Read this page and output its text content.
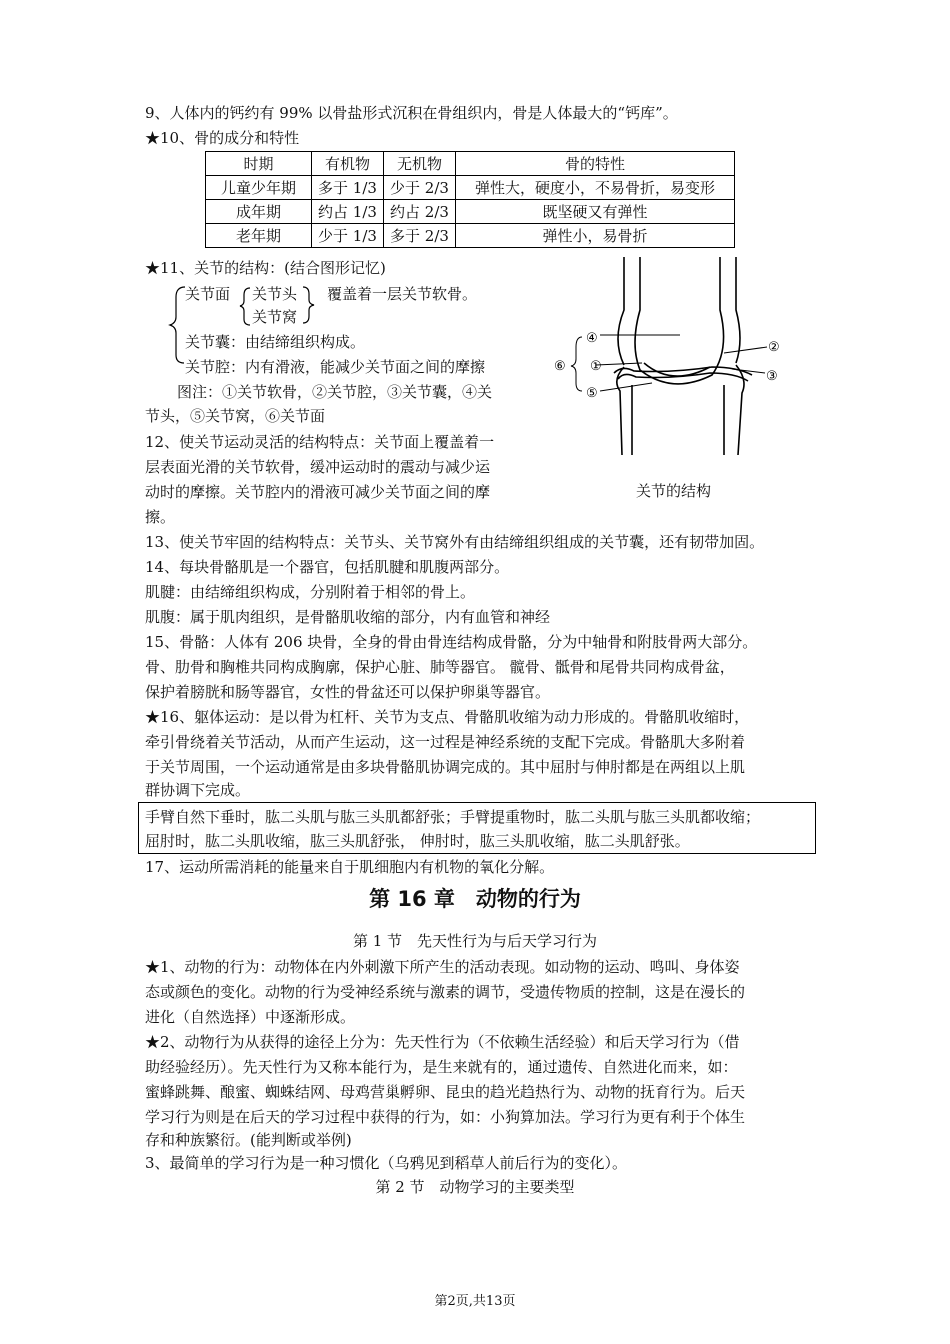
9、人体内的钙约有 99% 以骨盐形式沉积在骨组织内，骨是人体最大的“钙库”。
★10、骨的成分和特性
时期	有机物	无机物	骨的特性
儿童少年期	多于 1/3	少于 2/3	弹性大，硬度小，不易骨折，易变形
成年期	约占 1/3	约占 2/3	既坚硬又有弹性
老年期	少于 1/3	多于 2/3	弹性小，易骨折
★11、关节的结构：(结合图形记忆)
关节面 关节头
关节窝
覆盖着一层关节软骨。
关节囊：由结缔组织构成。
关节腔：内有滑液，能减少关节面之间的摩擦
图注：①关节软骨，②关节腔，③关节囊，④关
节头，⑤关节窝，⑥关节面
④
⑥ ①
⑤
②
③
关节的结构
12、使关节运动灵活的结构特点：关节面上覆盖着一
层表面光滑的关节软骨，缓冲运动时的震动与减少运
动时的摩擦。关节腔内的滑液可减少关节面之间的摩
擦。
13、使关节牢固的结构特点：关节头、关节窝外有由结缔组织组成的关节囊，还有韧带加固。
14、每块骨骼肌是一个器官，包括肌腱和肌腹两部分。
肌腱：由结缔组织构成，分别附着于相邻的骨上。
肌腹：属于肌肉组织，是骨骼肌收缩的部分，内有血管和神经
15、骨骼：人体有 206 块骨，全身的骨由骨连结构成骨骼，分为中轴骨和附肢骨两大部分。
骨、肋骨和胸椎共同构成胸廓，保护心脏、肺等器官。 髋骨、骶骨和尾骨共同构成骨盆，
保护着膀胱和肠等器官，女性的骨盆还可以保护卵巢等器官。
★16、躯体运动：是以骨为杠杆、关节为支点、骨骼肌收缩为动力形成的。骨骼肌收缩时，
牵引骨绕着关节活动，从而产生运动，这一过程是神经系统的支配下完成。骨骼肌大多附着
于关节周围，一个运动通常是由多块骨骼肌协调完成的。其中屈肘与伸肘都是在两组以上肌
群协调下完成。
手臂自然下垂时，肱二头肌与肱三头肌都舒张；手臂提重物时，肱二头肌与肱三头肌都收缩；
屈肘时，肱二头肌收缩，肱三头肌舒张， 伸肘时，肱三头肌收缩，肱二头肌舒张。
17、运动所需消耗的能量来自于肌细胞内有机物的氧化分解。
第 16 章　动物的行为
第 1 节　先天性行为与后天学习行为
★1、动物的行为：动物体在内外刺激下所产生的活动表现。如动物的运动、鸣叫、身体姿
态或颜色的变化。动物的行为受神经系统与激素的调节，受遗传物质的控制，这是在漫长的
进化（自然选择）中逐渐形成。
★2、动物行为从获得的途径上分为：先天性行为（不依赖生活经验）和后天学习行为（借
助经验经历）。先天性行为又称本能行为，是生来就有的，通过遗传、自然进化而来，如：
蜜蜂跳舞、酿蜜、蜘蛛结网、母鸡营巢孵卵、昆虫的趋光趋热行为、动物的抚育行为。后天
学习行为则是在后天的学习过程中获得的行为，如：小狗算加法。学习行为更有利于个体生
存和种族繁衍。(能判断或举例)
3、最简单的学习行为是一种习惯化（乌鸦见到稻草人前后行为的变化）。
第 2 节　动物学习的主要类型
第2页,共13页
